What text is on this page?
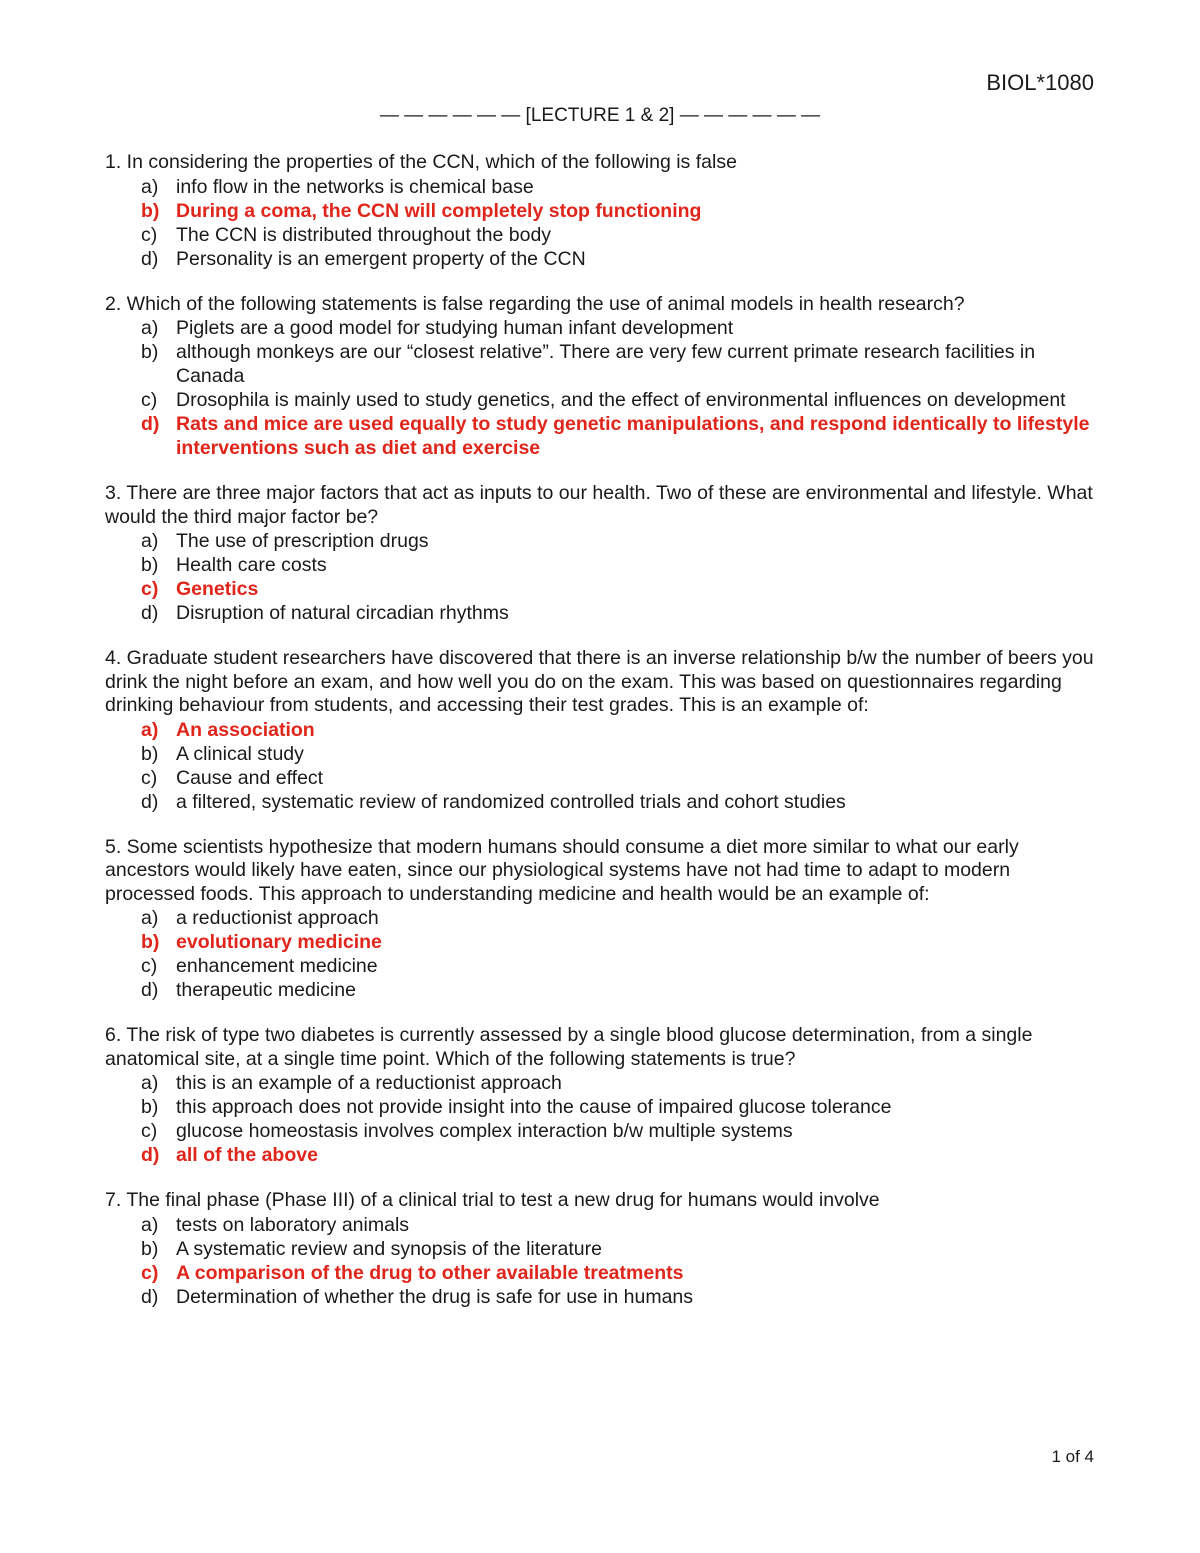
BIOL*1080
— — — — — — [LECTURE 1 & 2] — — — — — —
1. In considering the properties of the CCN, which of the following is false
a) info flow in the networks is chemical base
b) During a coma, the CCN will completely stop functioning
c) The CCN is distributed throughout the body
d) Personality is an emergent property of the CCN
2. Which of the following statements is false regarding the use of animal models in health research?
a) Piglets are a good model for studying human infant development
b) although monkeys are our “closest relative”. There are very few current primate research facilities in Canada
c) Drosophila is mainly used to study genetics, and the effect of environmental influences on development
d) Rats and mice are used equally to study genetic manipulations, and respond identically to lifestyle interventions such as diet and exercise
3. There are three major factors that act as inputs to our health. Two of these are environmental and lifestyle. What would the third major factor be?
a) The use of prescription drugs
b) Health care costs
c) Genetics
d) Disruption of natural circadian rhythms
4. Graduate student researchers have discovered that there is an inverse relationship b/w the number of beers you drink the night before an exam, and how well you do on the exam. This was based on questionnaires regarding drinking behaviour from students, and accessing their test grades. This is an example of:
a) An association
b) A clinical study
c) Cause and effect
d) a filtered, systematic review of randomized controlled trials and cohort studies
5. Some scientists hypothesize that modern humans should consume a diet more similar to what our early ancestors would likely have eaten, since our physiological systems have not had time to adapt to modern processed foods. This approach to understanding medicine and health would be an example of:
a) a reductionist approach
b) evolutionary medicine
c) enhancement medicine
d) therapeutic medicine
6. The risk of type two diabetes is currently assessed by a single blood glucose determination, from a single anatomical site, at a single time point. Which of the following statements is true?
a) this is an example of a reductionist approach
b) this approach does not provide insight into the cause of impaired glucose tolerance
c) glucose homeostasis involves complex interaction b/w multiple systems
d) all of the above
7. The final phase (Phase III) of a clinical trial to test a new drug for humans would involve
a) tests on laboratory animals
b) A systematic review and synopsis of the literature
c) A comparison of the drug to other available treatments
d) Determination of whether the drug is safe for use in humans
1 of 4
